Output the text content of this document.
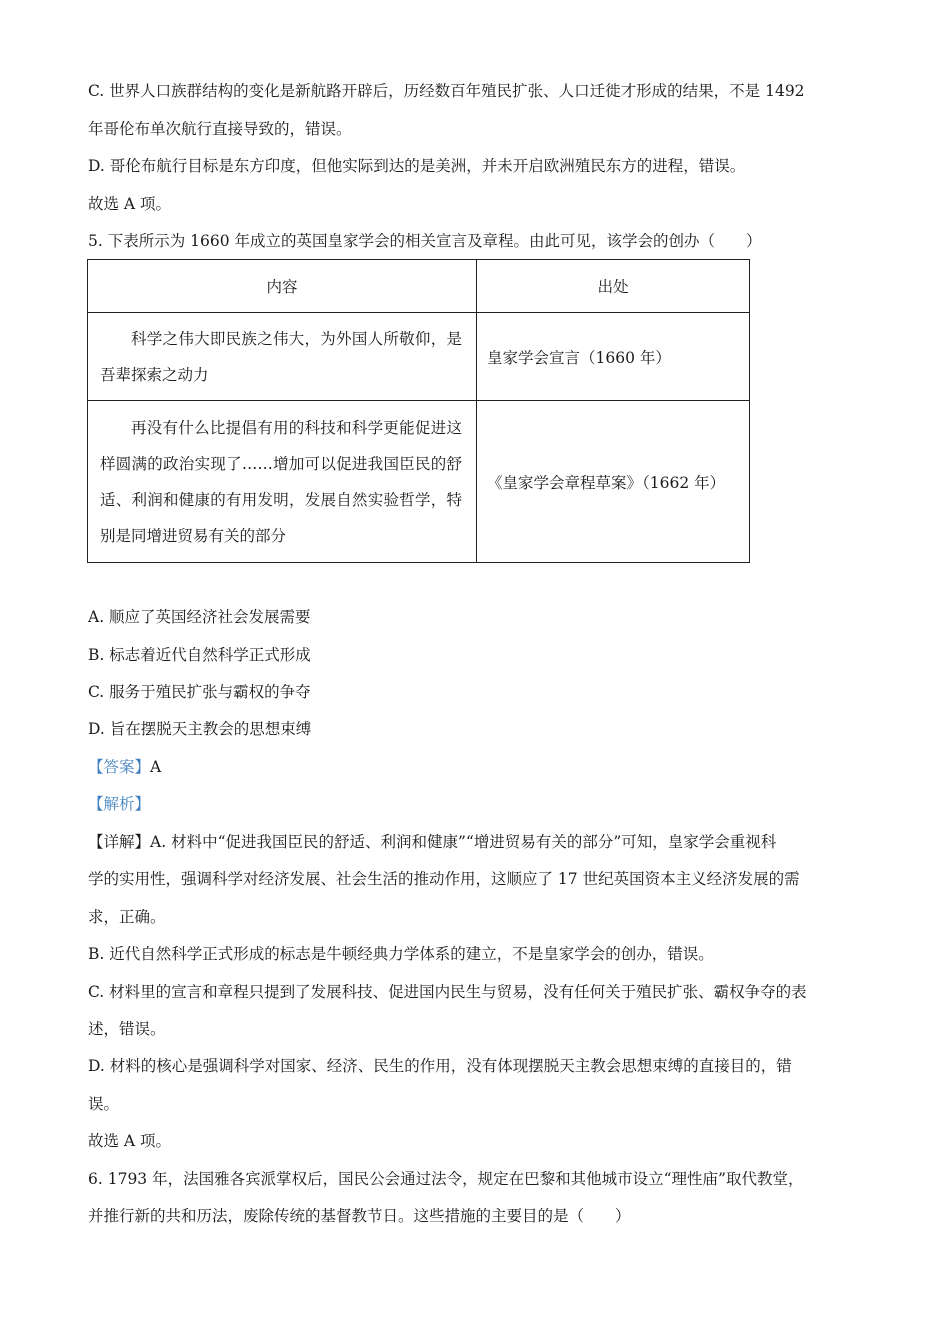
C. 世界人口族群结构的变化是新航路开辟后，历经数百年殖民扩张、人口迁徙才形成的结果，不是 1492
年哥伦布单次航行直接导致的，错误。
D. 哥伦布航行目标是东方印度，但他实际到达的是美洲，并未开启欧洲殖民东方的进程，错误。
故选 A 项。
5. 下表所示为 1660 年成立的英国皇家学会的相关宣言及章程。由此可见，该学会的创办（　　）
内容	出处
科学之伟大即民族之伟大，为外国人所敬仰，是吾辈探索之动力	皇家学会宣言（1660 年）
再没有什么比提倡有用的科技和科学更能促进这样圆满的政治实现了……增加可以促进我国臣民的舒适、利润和健康的有用发明，发展自然实验哲学，特别是同增进贸易有关的部分	《皇家学会章程草案》（1662 年）
A. 顺应了英国经济社会发展需要
B. 标志着近代自然科学正式形成
C. 服务于殖民扩张与霸权的争夺
D. 旨在摆脱天主教会的思想束缚
【答案】A
【解析】
【详解】A. 材料中“促进我国臣民的舒适、利润和健康”“增进贸易有关的部分”可知，皇家学会重视科
学的实用性，强调科学对经济发展、社会生活的推动作用，这顺应了 17 世纪英国资本主义经济发展的需
求，正确。
B. 近代自然科学正式形成的标志是牛顿经典力学体系的建立，不是皇家学会的创办，错误。
C. 材料里的宣言和章程只提到了发展科技、促进国内民生与贸易，没有任何关于殖民扩张、霸权争夺的表
述，错误。
D. 材料的核心是强调科学对国家、经济、民生的作用，没有体现摆脱天主教会思想束缚的直接目的，错
误。
故选 A 项。
6. 1793 年，法国雅各宾派掌权后，国民公会通过法令，规定在巴黎和其他城市设立“理性庙”取代教堂，
并推行新的共和历法，废除传统的基督教节日。这些措施的主要目的是（　　）
